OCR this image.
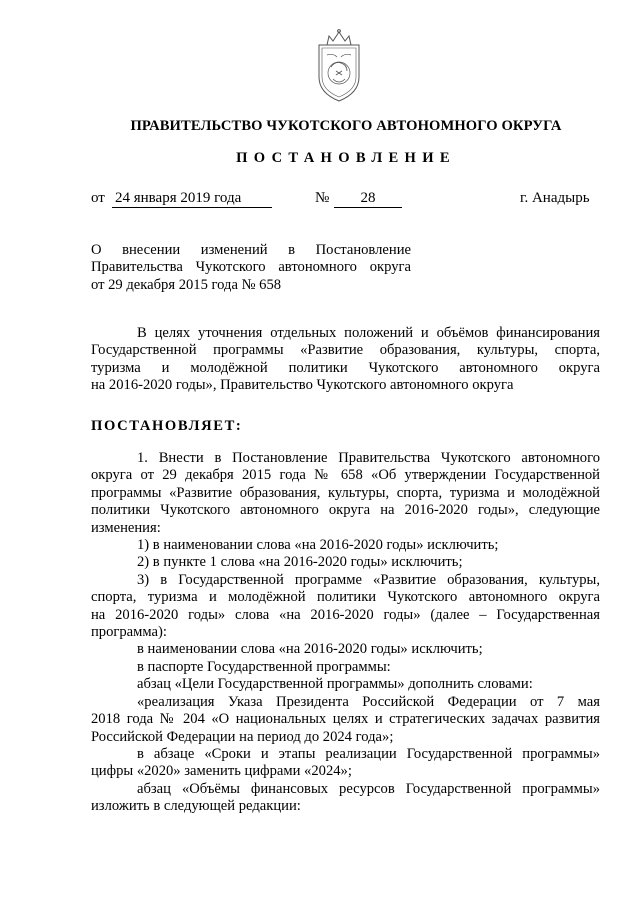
ПРАВИТЕЛЬСТВО ЧУКОТСКОГО АВТОНОМНОГО ОКРУГА
ПОСТАНОВЛЕНИЕ
от 24 января 2019 года	№	28	г. Анадырь
О внесении изменений в Постановление
Правительства Чукотского автономного округа
от 29 декабря 2015 года № 658
В целях уточнения отдельных положений и объёмов финансирования
Государственной программы «Развитие образования, культуры, спорта,
туризма и молодёжной политики Чукотского автономного округа
на 2016-2020 годы», Правительство Чукотского автономного округа
ПОСТАНОВЛЯЕТ:
1. Внести в Постановление Правительства Чукотского автономного
округа от 29 декабря 2015 года № 658 «Об утверждении Государственной
программы «Развитие образования, культуры, спорта, туризма и молодёжной
политики Чукотского автономного округа на 2016-2020 годы», следующие
изменения:
1) в наименовании слова «на 2016-2020 годы» исключить;
2) в пункте 1 слова «на 2016-2020 годы» исключить;
3) в Государственной программе «Развитие образования, культуры,
спорта, туризма и молодёжной политики Чукотского автономного округа
на 2016-2020 годы» слова «на 2016-2020 годы» (далее – Государственная
программа):
в наименовании слова «на 2016-2020 годы» исключить;
в паспорте Государственной программы:
абзац «Цели Государственной программы» дополнить словами:
«реализация Указа Президента Российской Федерации от 7 мая
2018 года № 204 «О национальных целях и стратегических задачах развития
Российской Федерации на период до 2024 года»;
в абзаце «Сроки и этапы реализации Государственной программы»
цифры «2020» заменить цифрами «2024»;
абзац «Объёмы финансовых ресурсов Государственной программы»
изложить в следующей редакции:
